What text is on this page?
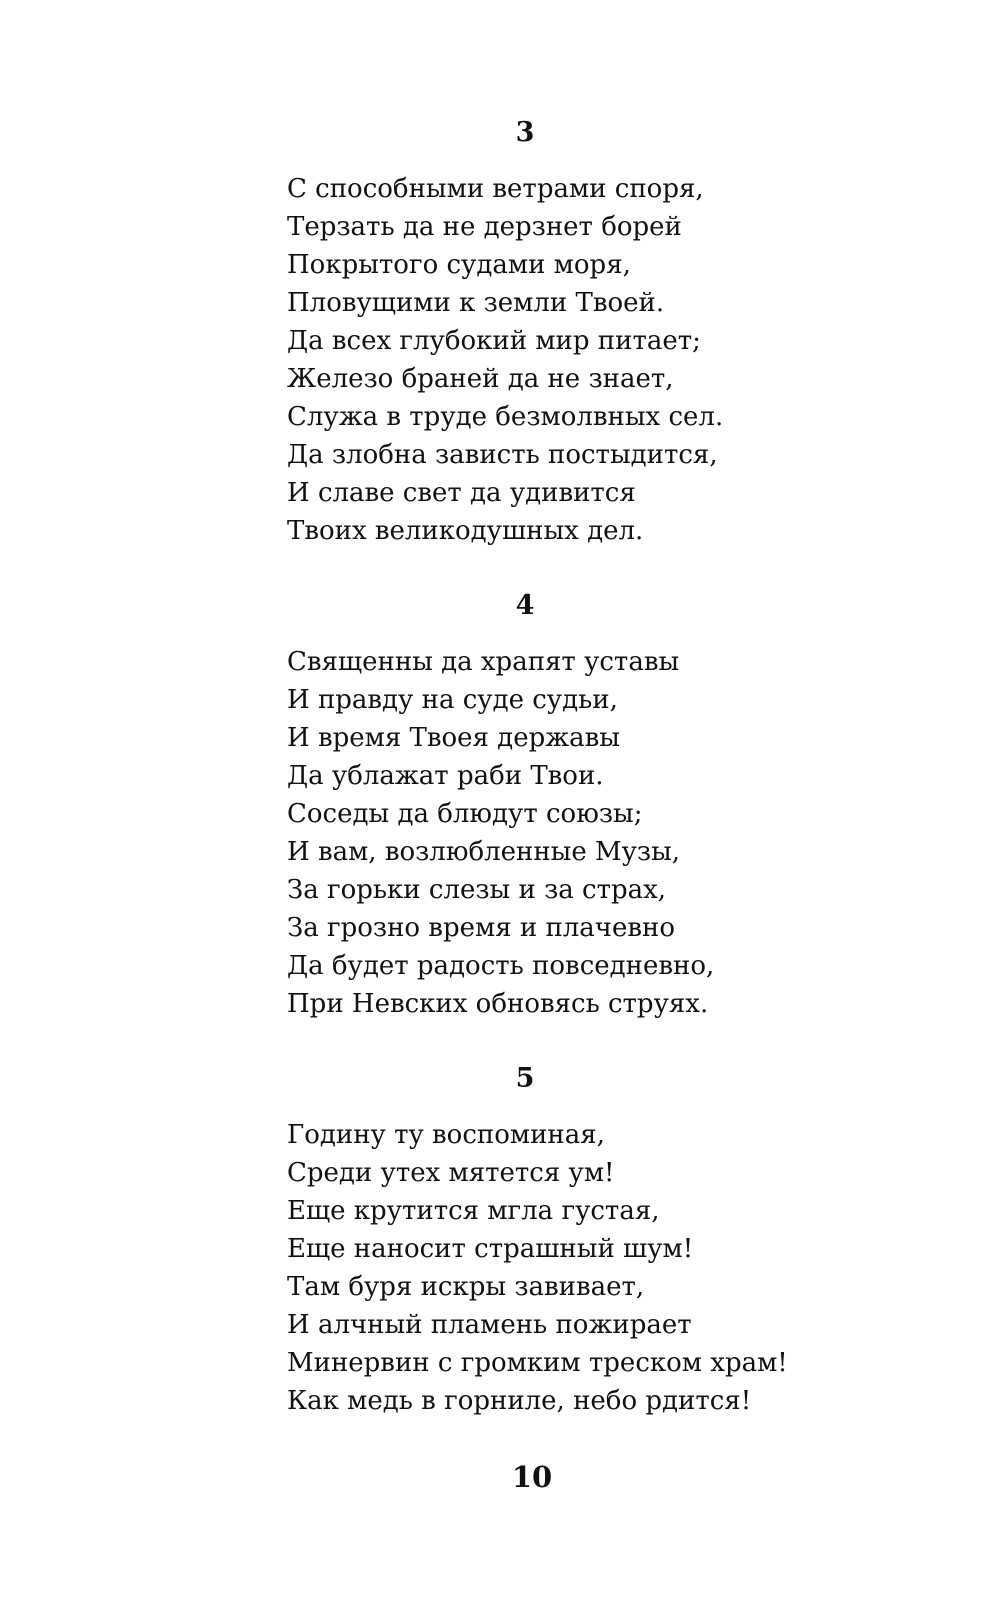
3
С способными ветрами споря,
Терзать да не дерзнет борей
Покрытого судами моря,
Пловущими к земли Твоей.
Да всех глубокий мир питает;
Железо браней да не знает,
Служа в труде безмолвных сел.
Да злобна зависть постыдится,
И славе свет да удивится
Твоих великодушных дел.
4
Священны да храпят уставы
И правду на суде судьи,
И время Твоея державы
Да ублажат раби Твои.
Соседы да блюдут союзы;
И вам, возлюбленные Музы,
За горьки слезы и за страх,
За грозно время и плачевно
Да будет радость повседневно,
При Невских обновясь струях.
5
Годину ту воспоминая,
Среди утех мятется ум!
Еще крутится мгла густая,
Еще наносит страшный шум!
Там буря искры завивает,
И алчный пламень пожирает
Минервин с громким треском храм!
Как медь в горниле, небо рдится!
10
